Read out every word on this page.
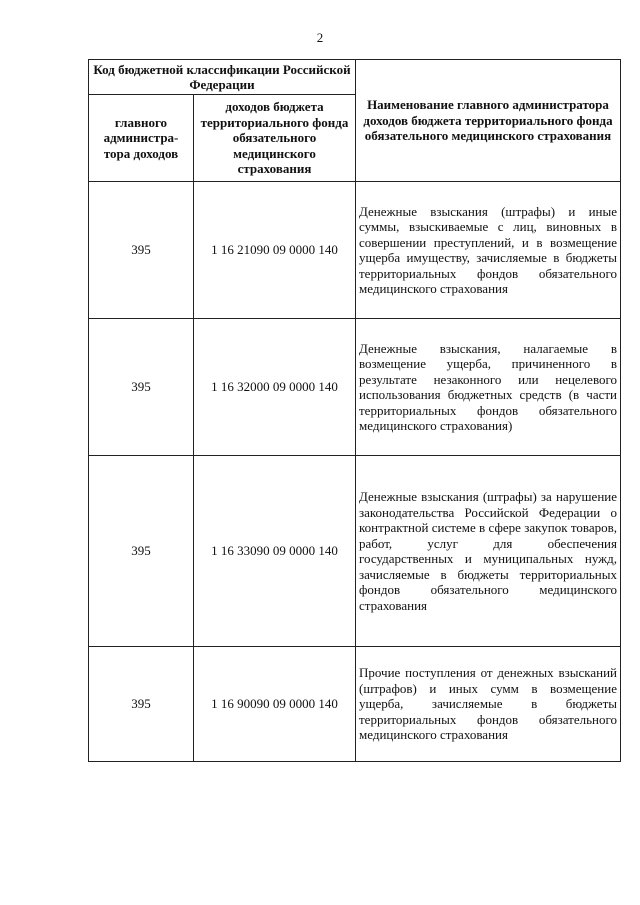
2
Код бюджетной классификации Российской Федерации		Наименование главного администратора доходов бюджета территориального фонда обязательного медицинского страхования
главного администра-тора доходов	доходов бюджета территориального фонда обязательного медицинского страхования	
395	1 16 21090 09 0000 140	Денежные взыскания (штрафы) и иные суммы, взыскиваемые с лиц, виновных в совершении преступлений, и в возмещение ущерба имуществу, зачисляемые в бюджеты территориальных фондов обязательного медицинского страхования
395	1 16 32000 09 0000 140	Денежные взыскания, налагаемые в возмещение ущерба, причиненного в результате незаконного или нецелевого использования бюджетных средств (в части территориальных фондов обязательного медицинского страхования)
395	1 16 33090 09 0000 140	Денежные взыскания (штрафы) за нарушение законодательства Российской Федерации о контрактной системе в сфере закупок товаров, работ, услуг для обеспечения государственных и муниципальных нужд, зачисляемые в бюджеты территориальных фондов обязательного медицинского страхования
395	1 16 90090 09 0000 140	Прочие поступления от денежных взысканий (штрафов) и иных сумм в возмещение ущерба, зачисляемые в бюджеты территориальных фондов обязательного медицинского страхования
